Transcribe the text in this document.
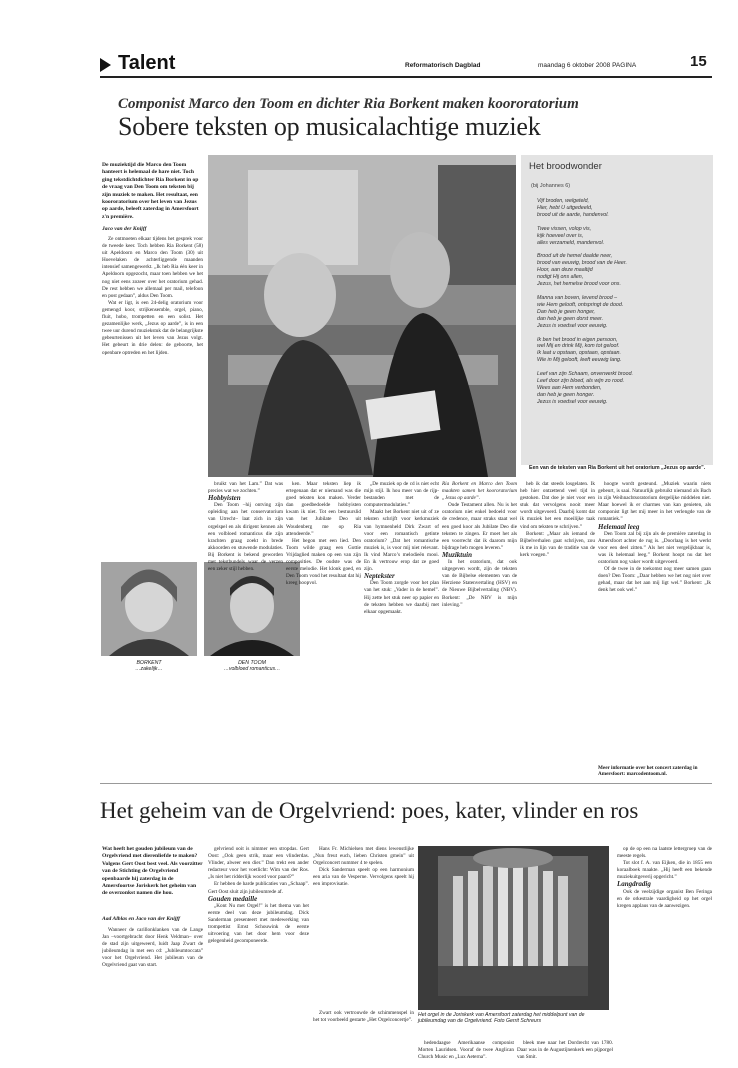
Talent	Reformatorisch Dagblad	maandag 6 oktober 2008 PAGINA	15
Componist Marco den Toom en dichter Ria Borkent maken koororatorium
Sobere teksten op musicalachtige muziek
De muziektijd die Marco den Toom hanteert is helemaal de hare niet. Toch ging tekstdichtdichter Ria Borkent in op de vraag van Den Toom om teksten bij zijn muziek te maken. Het resultaat, een koororatorium over het leven van Jezus op aarde, beleeft zaterdag in Amersfoort z'n première.
Jaco van der Knijff

Ze ontmoeten elkaar tijdens het gesprek voor de tweede keer. Toch hebben Ria Borkent (58) uit Apeldoorn en Marco den Toom (30) uit Hoevelaken de achterliggende maanden intensief samengewerkt. „Ik heb Ria één keer in Apeldoorn opgezocht, maar toen hebben we het nog niet eens zozeer over het oratorium gehad. De rest hebben we allemaal per mail, telefoon en post gedaan”, aldus Den Toom.

Wat er ligt, is een 24-delig oratorium voor gemengd koor, strijkensemble, orgel, piano, fluit, hobo, trompetten en een solist. Het gezamenlijke werk, „Jezus op aarde”, is in een twee uur durend muziekstuk dat de belangrijkste gebeurtenissen uit het leven van Jezus volgt. Het gebeurt in drie delen: de geboorte, het openbare optreden en het lijden.

Het broodwonder
(bij Johannes 6)
Vijf broden, welgeteld,
Hier, hebt U uitgedeeld,
brood uit de aarde, handenvol.
Twee vissen, volop vis,
kijk hoeveel over is,
alles verzameld, mandenvol.
Brood uit de hemel daalde neer,
brood van eeuwig, brood van de Heer.
Hoor, aan deze maaltijd
nodigt Hij ons allen,
Jezus, het hemelse brood voor ons.
Manna van boven, levend brood –
wie Hem gelooft, ontspringt de dood.
Dan heb je geen honger,
dan heb je geen dorst meer.
Jezus is voedsel voor eeuwig.
Ik ben het brood in eigen persoon,
wel Mij en drink Mij, kom tot geloof.
Ik laat u opstaan, opstaan, opstaan.
Wie in Mij gelooft, leeft eeuwig lang.
Leef van zijn Schaam, onverwerkt brood.
Leef door zijn bloed, als wijn zo rood.
Wees aan Hem verbonden,
dan heb je geen honger.
Jezus is voedsel voor eeuwig.
Een van de teksten van Ria Borkent uit het oratorium „Jezus op aarde”.
BORKENT
…zakelijk…
DEN TOOM
…volbloed romanticus…

bruikt van het Lam.” Dat was precies wat we zochten.”

Hobbyisten

Den Toom –hij ontving zijn opleiding aan het conservatorium van Utrecht– laat zich in zijn orgelspel en als dirigent kennen als een volbloed romanticus die zijn krachten graag zoekt in brede akkoorden en stuwende modulaties. Bij Borkent is bekend geworden met tekstbundels waar de verzen een zeker stijl hebben.

ken. Maar teksten liep ik ertegenaan dat er niemand was die goed teksten kon maken. Verder dan goedbedoelde hobbyisten kwam ik niet. Tot een bestuurslid van het Jubilate Deo uit Woudenberg me op Ria attendeerde.”

Het begon met een lied. Den Toom wilde graag een Gottie Vrijdaglied maken op een van zijn composities. De oudste was de eerste melodie. Het klonk goed, en Den Toom vond het resultaat dat hij kreeg hoopvol.

„De muziek op de cd is niet echt mijn stijl. Ik hou meer van de rijp-bestanden met de computermodulaties.”

Maakt het Borkent niet uit of ze teksten schrijft voor kerkmuziek van hymnenheld Dirk Zwart of voor een romantisch getinte oratorium? „Dat het romantische muziek is, is voor mij niet relevant. Ik vind Marco’s melodieën mooi. En ik vertrouw erop dat ze goed zijn.

Neptekster

Den Toom zorgde voor het plan van het stuk: „Vader in de hemel”. Hij zette het stuk neer op papier en de teksten hebben we daarbij met elkaar opgemaakt.

Ria Borkent en Marco den Toom maakten samen het koororatorium „Jezus op aarde”.

Oude Testament allen. Nu is het oratorium niet enkel bedoeld voor de credence, maar straks staat wel een goed koor als Jubilate Deo die teksten te zingen. Er moet het als een voorrecht dat ik daarom mijn bijdrage heb mogen leveren.”

Muziktuin

In het oratorium, dat ook uitgegeven wordt, zijn de teksten van de Bijbelse elementen van de Herziene Statenvertaling (HSV) en de Nieuwe Bijbelvertaling (NBV). Borkent: „De NBV is mijn inleving.”

heb ik dat steeds losgelaten. Ik heb hier ontzettend veel tijd in gestoken. Dat doe je niet voor een stuk dat vervolgens nooit meer wordt uitgevoerd. Daarbij komt dat ik muziek het een moeilijke taak vind om teksten te schrijven.”

Borkent: „Maar als iemand de Bijbelverhalen gaat schrijven, zou ik me in lijn van de traditie van de kerk voegen.”

hoogte wordt gesteund. „Muziek waarin niets gebeurt, is saai. Natuurlijk gebruikt niemand als Bach in zijn Weihnachtsoratorium dergelijke middelen niet. Maar hoewel ik er charmes van kan genieten, als componist ligt het mij meer in het verlengde van de romantiek.”

Helemaal leeg

Den Toom zal bij zijn als de première zaterdag in Amersfoort achter de rug is. „Doorlaag is het werkt voor een deel zitten.” Als het niet vergelijkbaar is, was ik helemaal leeg.” Borkent hoopt nu dat het oratorium nog vaker wordt uitgevoerd.

Of de twee in de toekomst nog meer samen gaan doen? Den Toom: „Daar hebben we het nog niet over gehad, maar dat het aan mij ligt wel.” Borkent: „Ik denk het ook wel.”

Meer informatie over het concert zaterdag in Amersfoort: marcodentoom.nl.
Het geheim van de Orgelvriend: poes, kater, vlinder en ros
Wat heeft het gouden jubileum van de Orgelvriend met dierenliefde te maken? Volgens Gert Oost best veel. Als voorzitter van de Stichting de Orgelvriend openbaarde hij zaterdag in de Amersfoortse Joriskerk het geheim van de overzonkst namen die hou.
Aad Alblas en Jaco van der Knijff

Wanneer de carillonklanken van de Lange Jan –voortgebracht door Henk Veldman– over de stad zijn uitgeweerd, luidt Jaap Zwart de jubileumdag in met een cd: „Jubileumtoccata” voor het Orgelvriend. Het jubileum van de Orgelvriend gaat van start.

gelvriend ooit is nimmer een stropdas. Gert Oost: „Ook geen strik, maar een vlinderdas. Vlinder, alweer een dier.” Dan trekt een ander redacteur voor het voetlicht: Wim van der Ros. „Is niet het ridderlijk woord voor paard?”

Er hebben de harde publicaties van „Schaap”. Gert Oost sluit zijn jubileumrede af.

Gouden medaille

„Kont Nu met Orgel!” is het thema van het eerste deel van deze jubileumdag. Dick Sanderman presenteert met medewerking van trompettist Ernst Schouwink de eerste uitvoering van het door hem voor deze gelegenheid gecomponeerde.

Hans Fr. Michielsen met diens lewenstlijke „Nun freut euch, lieben Christen gmein” uit Orgelconcert nummer 4 te spelen.

Dick Sanderman speelt op een harmonium een aria van de Vesperne. Vervolgens speelt hij een improvisatie.

Zwart ook vertrouwde de schimmenspel in het tot voorbeeld gestarte „Het Orgelconcertje”.

Het orgel in de Joriskerk van Amersfoort zaterdag het middelpunt van de jubileumdag van de Orgelvriend. Foto Gerrit Schreurs

hedendaagse Amerikaanse componist Morten Lauridsen. Vooraf de twee Anglican Church Music en „Lux Aeterna”.

bleek mee naar het Dordrecht van 1780. Daar was in de Augustijnenkerk een pijporgel van Smit.

op de op een na laatste lettergroep van de meeste regels.

Tot slot f. A. van Eijken, die in 1855 een koraalboek maakte. „Hij heeft een bekende muziekuitgeverij opgericht.”

Langdradig

Ook de veelzijdige organist Ben Feringa en de orkestrale vaardigheid op het orgel kregen applaus van de aanwezigen.
